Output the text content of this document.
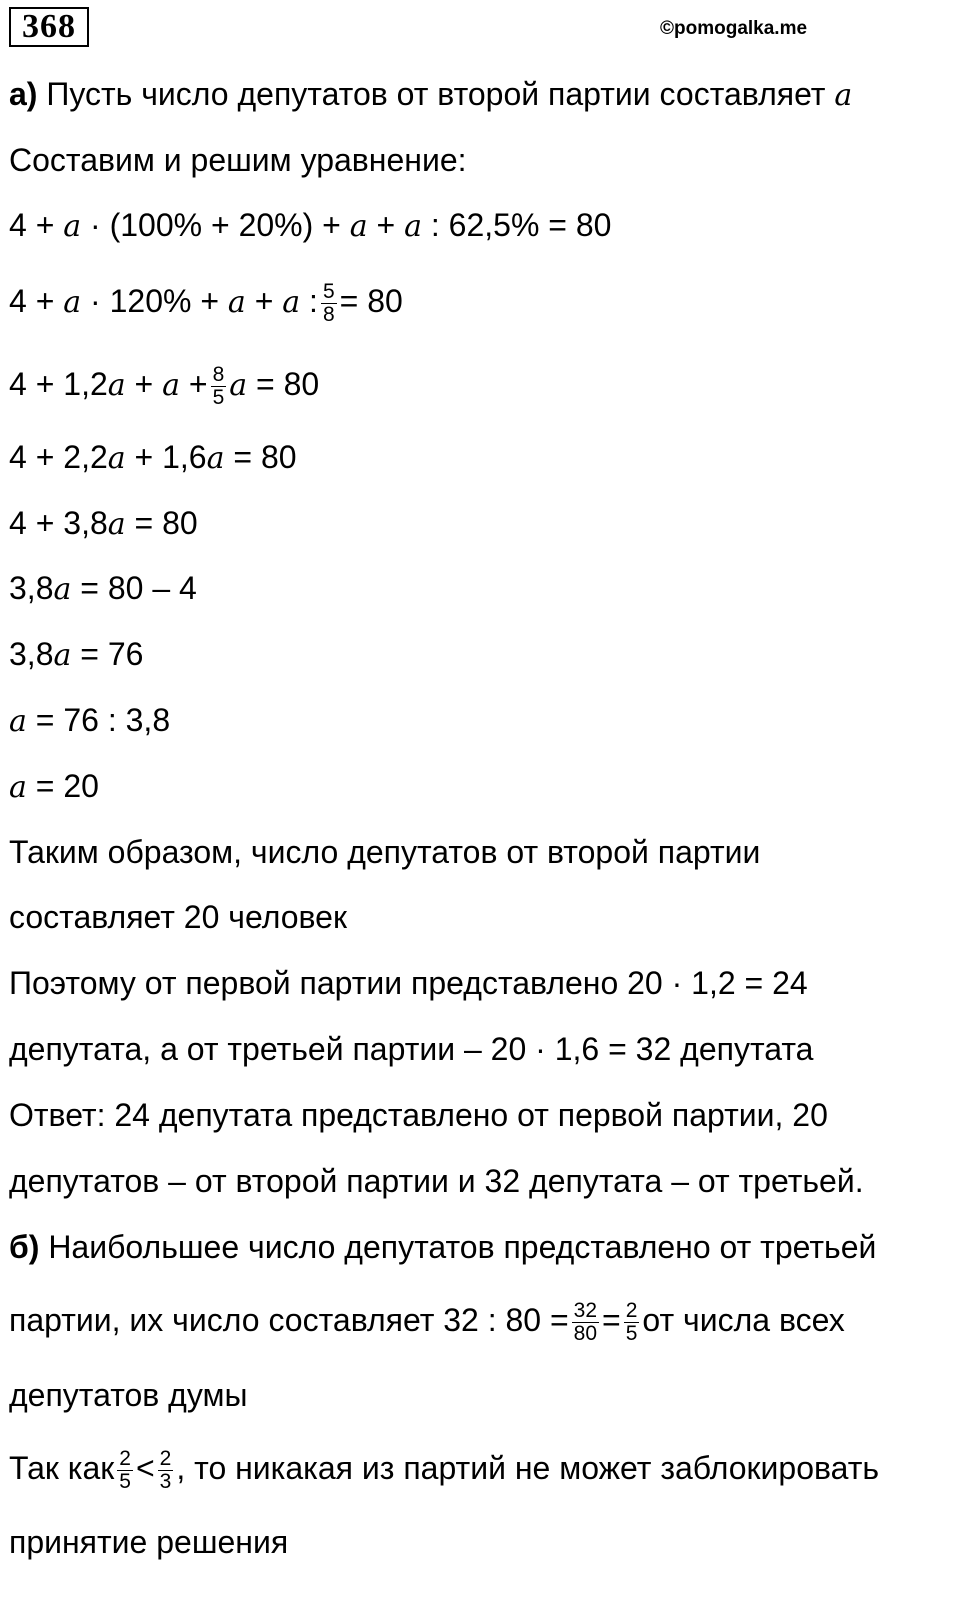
368	©pomogalka.me
а) Пусть число депутатов от второй партии составляет a
Составим и решим уравнение:
4 + a · (100% + 20%) + a + a : 62,5% = 80
4 + a · 120% + a + a : $\frac{5}{8} = 80$
$4 + 1,2a + a + \frac{8}{5}$ a = 80
4 + 2,2a + 1,6a = 80
4 + 3,8a = 80
3,8a = 80 – 4
3,8a = 76
a = 76 : 3,8
a = 20
Таким образом, число депутатов от второй партии
составляет 20 человек
Поэтому от первой партии представлено 20 · 1,2 = 24
депутата, а от третьей партии – 20 · 1,6 = 32 депутата
Ответ: 24 депутата представлено от первой партии, 20
депутатов – от второй партии и 32 депутата – от третьей.
б) Наибольшее число депутатов представлено от третьей
партии, их число составляет 32 : $80 = \frac{32}{80} = \frac{2}{5}$ от числа всех
депутатов думы
Так как $\frac{2}{5} < \frac{2}{3}$ , то никакая из партий не может заблокировать
принятие решения
